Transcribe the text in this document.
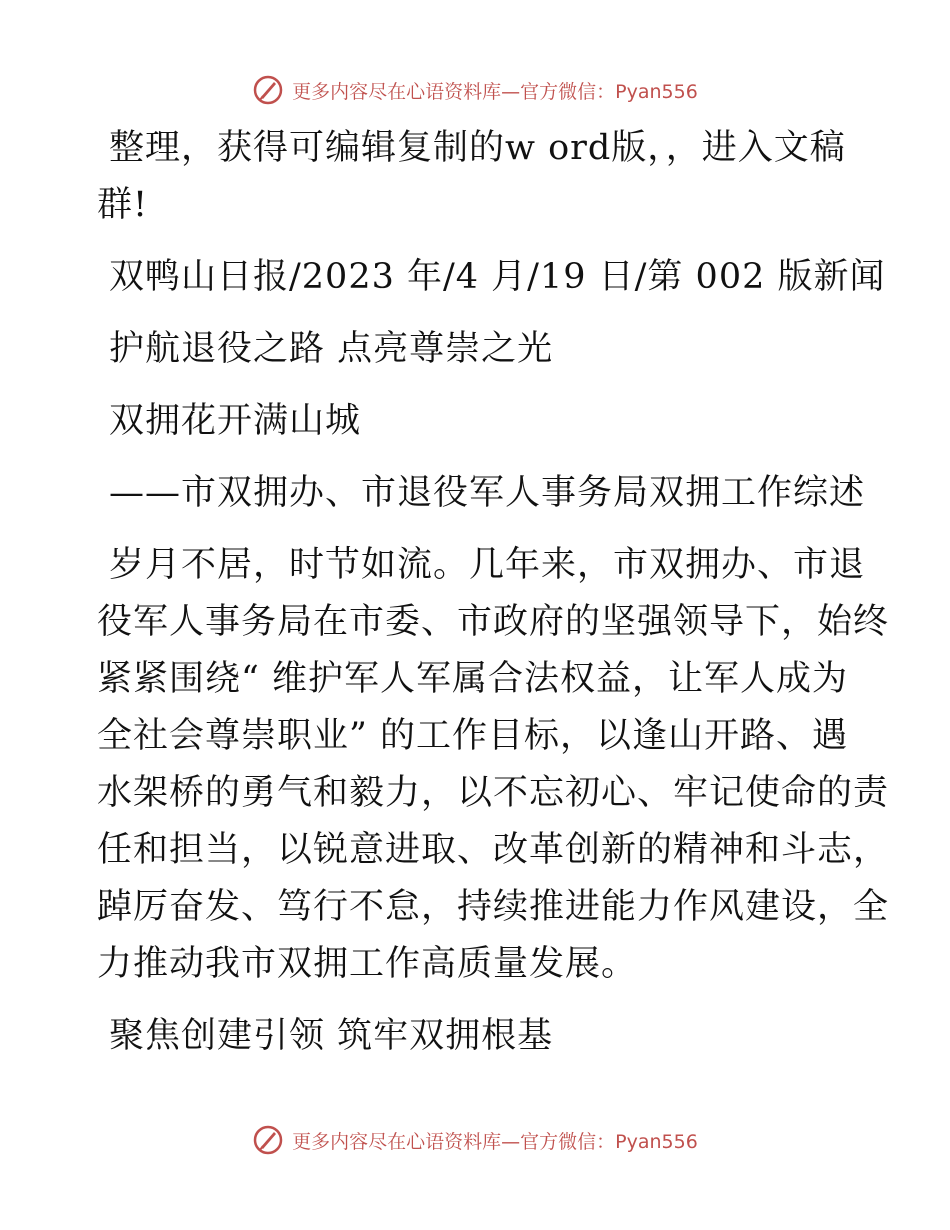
更多内容尽在心语资料库—官方微信：Pyan556
整理，获得可编辑复制的w ord版，，进入文稿
群!
双鸭山日报/2023 年/4 月/19 日/第 002 版新闻
护航退役之路 点亮尊崇之光
双拥花开满山城
——市双拥办、市退役军人事务局双拥工作综述
岁月不居，时节如流。几年来，市双拥办、市退
役军人事务局在市委、市政府的坚强领导下，始终
紧紧围绕“ 维护军人军属合法权益，让军人成为
全社会尊崇职业” 的工作目标，以逢山开路、遇
水架桥的勇气和毅力，以不忘初心、牢记使命的责
任和担当，以锐意进取、改革创新的精神和斗志，
踔厉奋发、笃行不怠，持续推进能力作风建设，全
力推动我市双拥工作高质量发展。
聚焦创建引领 筑牢双拥根基
更多内容尽在心语资料库—官方微信：Pyan556
